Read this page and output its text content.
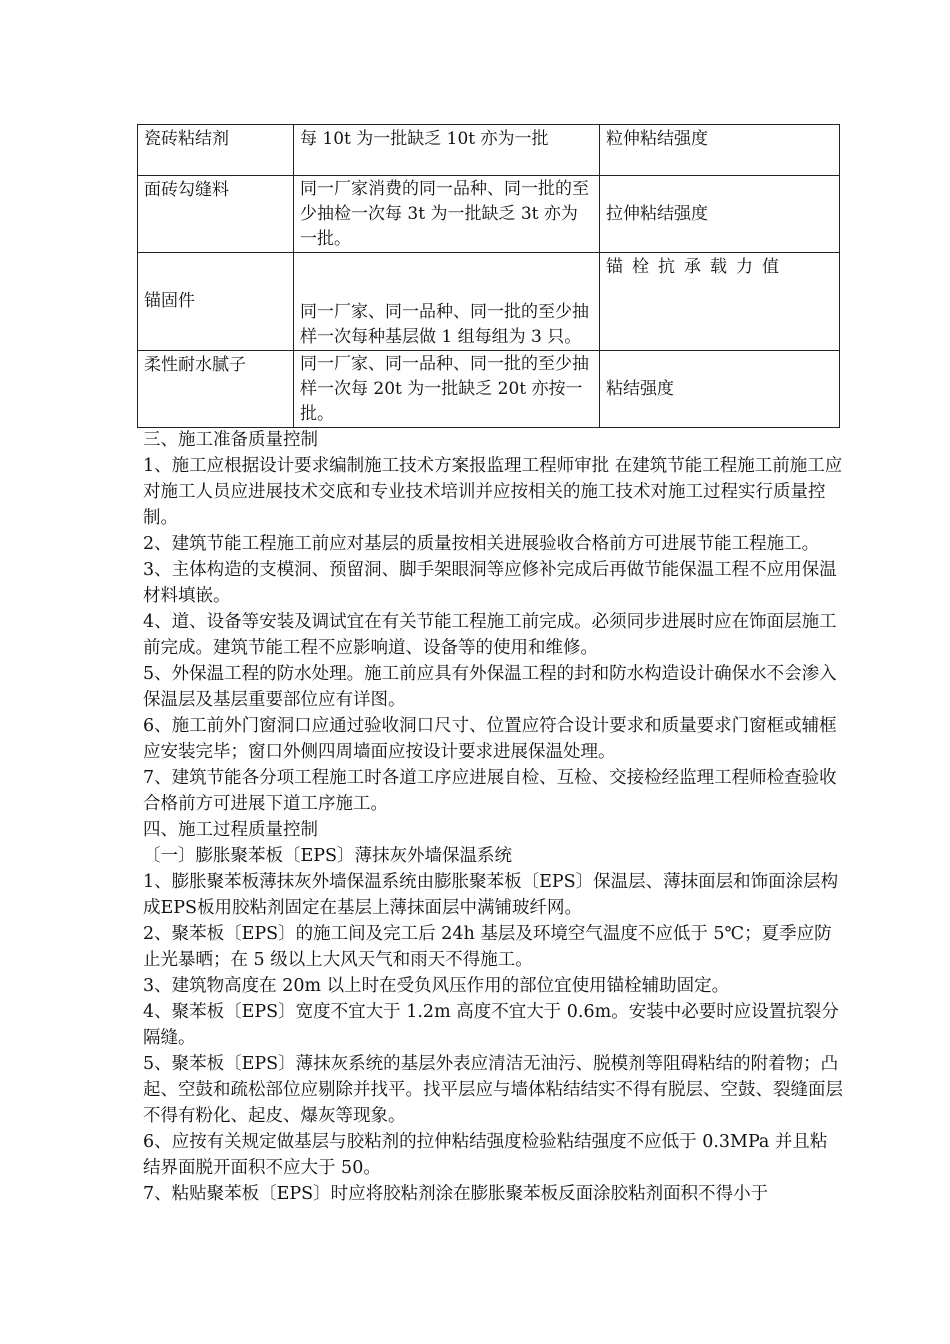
瓷砖粘结剂	每 10t 为一批缺乏 10t 亦为一批	粒伸粘结强度
面砖勾缝料	同一厂家消费的同一品种、同一批的至少抽检一次每 3t 为一批缺乏 3t 亦为一批。	拉伸粘结强度
锚固件	同一厂家、同一品种、同一批的至少抽样一次每种基层做 1 组每组为 3 只。	锚栓抗承载力值
柔性耐水腻子	同一厂家、同一品种、同一批的至少抽样一次每 20t 为一批缺乏 20t 亦按一批。	粘结强度

三、施工准备质量控制

1、施工应根据设计要求编制施工技术方案报监理工程师审批 在建筑节能工程施工前施工应对施工人员应进展技术交底和专业技术培训并应按相关的施工技术对施工过程实行质量控制。

2、建筑节能工程施工前应对基层的质量按相关进展验收合格前方可进展节能工程施工。

3、主体构造的支模洞、预留洞、脚手架眼洞等应修补完成后再做节能保温工程不应用保温材料填嵌。

4、道、设备等安装及调试宜在有关节能工程施工前完成。必须同步进展时应在饰面层施工前完成。建筑节能工程不应影响道、设备等的使用和维修。

5、外保温工程的防水处理。施工前应具有外保温工程的封和防水构造设计确保水不会渗入保温层及基层重要部位应有详图。

6、施工前外门窗洞口应通过验收洞口尺寸、位置应符合设计要求和质量要求门窗框或辅框应安装完毕；窗口外侧四周墙面应按设计要求进展保温处理。

7、建筑节能各分项工程施工时各道工序应进展自检、互检、交接检经监理工程师检查验收合格前方可进展下道工序施工。

四、施工过程质量控制

〔一〕膨胀聚苯板〔EPS〕薄抹灰外墙保温系统

1、膨胀聚苯板薄抹灰外墙保温系统由膨胀聚苯板〔EPS〕保温层、薄抹面层和饰面涂层构成EPS板用胶粘剂固定在基层上薄抹面层中满铺玻纤网。

2、聚苯板〔EPS〕的施工间及完工后 24h 基层及环境空气温度不应低于 5℃；夏季应防止光暴晒；在 5 级以上大风天气和雨天不得施工。

3、建筑物高度在 20m 以上时在受负风压作用的部位宜使用锚栓辅助固定。

4、聚苯板〔EPS〕宽度不宜大于 1.2m 高度不宜大于 0.6m。安装中必要时应设置抗裂分隔缝。

5、聚苯板〔EPS〕薄抹灰系统的基层外表应清洁无油污、脱模剂等阻碍粘结的附着物；凸起、空鼓和疏松部位应剔除并找平。找平层应与墙体粘结结实不得有脱层、空鼓、裂缝面层不得有粉化、起皮、爆灰等现象。

6、应按有关规定做基层与胶粘剂的拉伸粘结强度检验粘结强度不应低于 0.3MPa 并且粘结界面脱开面积不应大于 50。

7、粘贴聚苯板〔EPS〕时应将胶粘剂涂在膨胀聚苯板反面涂胶粘剂面积不得小于
